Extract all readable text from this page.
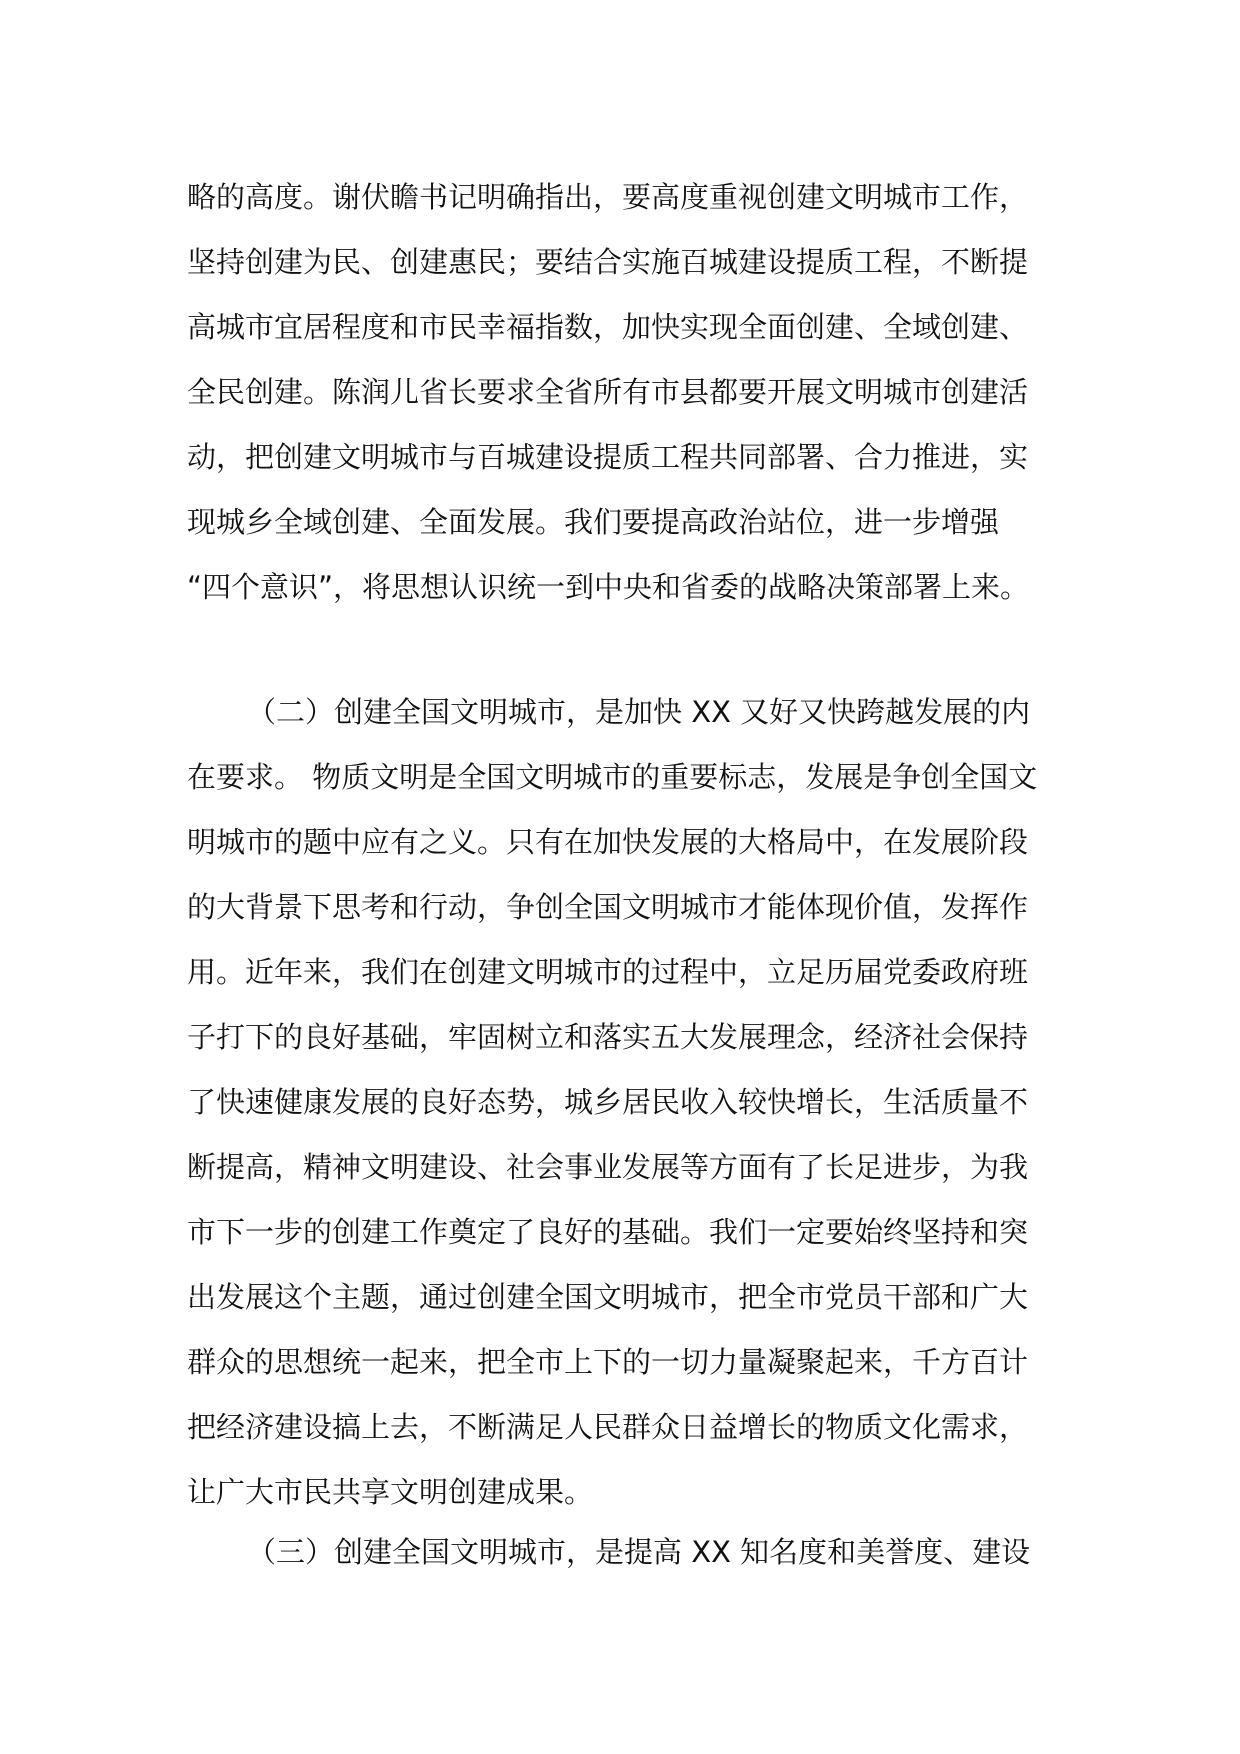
略的高度。谢伏瞻书记明确指出，要高度重视创建文明城市工作，
坚持创建为民、创建惠民；要结合实施百城建设提质工程，不断提
高城市宜居程度和市民幸福指数，加快实现全面创建、全域创建、
全民创建。陈润儿省长要求全省所有市县都要开展文明城市创建活
动，把创建文明城市与百城建设提质工程共同部署、合力推进，实
现城乡全域创建、全面发展。我们要提高政治站位，进一步增强
“四个意识”，将思想认识统一到中央和省委的战略决策部署上来。
（二）创建全国文明城市，是加快 XX 又好又快跨越发展的内
在要求。 物质文明是全国文明城市的重要标志，发展是争创全国文
明城市的题中应有之义。只有在加快发展的大格局中，在发展阶段
的大背景下思考和行动，争创全国文明城市才能体现价值，发挥作
用。近年来，我们在创建文明城市的过程中，立足历届党委政府班
子打下的良好基础，牢固树立和落实五大发展理念，经济社会保持
了快速健康发展的良好态势，城乡居民收入较快增长，生活质量不
断提高，精神文明建设、社会事业发展等方面有了长足进步，为我
市下一步的创建工作奠定了良好的基础。我们一定要始终坚持和突
出发展这个主题，通过创建全国文明城市，把全市党员干部和广大
群众的思想统一起来，把全市上下的一切力量凝聚起来，千方百计
把经济建设搞上去，不断满足人民群众日益增长的物质文化需求，
让广大市民共享文明创建成果。
（三）创建全国文明城市，是提高 XX 知名度和美誉度、建设
